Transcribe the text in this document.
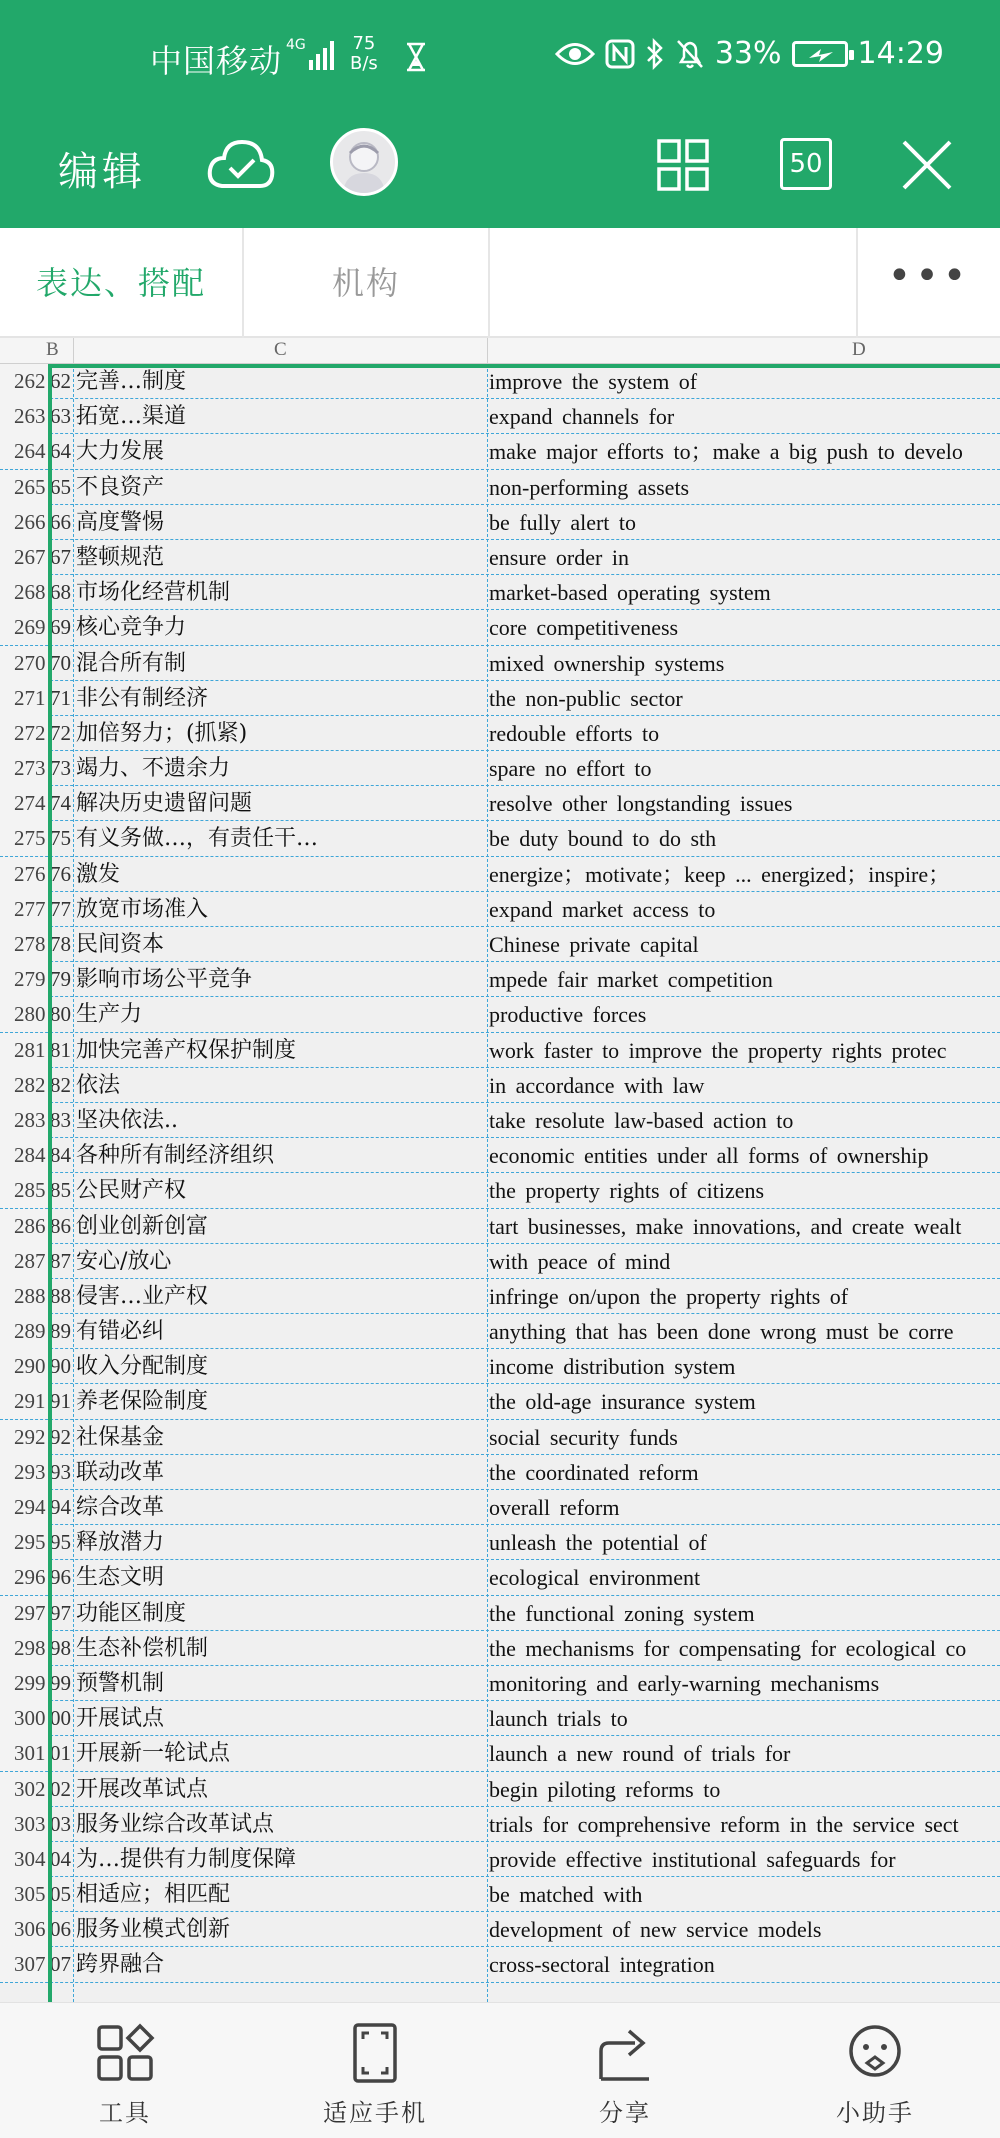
中国移动 4G	75
B/s	33%	14:29
编辑	50
表达、搭配	机构	•••
B	C	D
262 62 完善…制度	improve the system of
263 63 拓宽…渠道	expand channels for
264 64 大力发展	make major efforts to；make a big push to develo
265 65 不良资产	non-performing assets
266 66 高度警惕	be fully alert to
267 67 整顿规范	ensure order in
268 68 市场化经营机制	market-based operating system
269 69 核心竞争力	core competitiveness
270 70 混合所有制	mixed ownership systems
271 71 非公有制经济	the non-public sector
272 72 加倍努力；(抓紧)	redouble efforts to
273 73 竭力、不遗余力	spare no effort to
274 74 解决历史遗留问题	resolve other longstanding issues
275 75 有义务做…，有责任干…	be duty bound to do sth
276 76 激发	energize；motivate；keep ... energized；inspire；
277 77 放宽市场准入	expand market access to
278 78 民间资本	Chinese private capital
279 79 影响市场公平竞争	mpede fair market competition
280 80 生产力	productive forces
281 81 加快完善产权保护制度	work faster to improve the property rights protec
282 82 依法	in accordance with law
283 83 坚决依法..	take resolute law-based action to
284 84 各种所有制经济组织	economic entities under all forms of ownership
285 85 公民财产权	the property rights of citizens
286 86 创业创新创富	tart businesses, make innovations, and create wealt
287 87 安心/放心	with peace of mind
288 88 侵害…业产权	infringe on/upon the property rights of
289 89 有错必纠	anything that has been done wrong must be corre
290 90 收入分配制度	income distribution system
291 91 养老保险制度	the old-age insurance system
292 92 社保基金	social security funds
293 93 联动改革	the coordinated reform
294 94 综合改革	overall reform
295 95 释放潜力	unleash the potential of
296 96 生态文明	ecological environment
297 97 功能区制度	the functional zoning system
298 98 生态补偿机制	the mechanisms for compensating for ecological co
299 99 预警机制	monitoring and early-warning mechanisms
300 00 开展试点	launch trials to
301 01 开展新一轮试点	launch a new round of trials for
302 02 开展改革试点	begin piloting reforms to
303 03 服务业综合改革试点	trials for comprehensive reform in the service sect
304 04 为…提供有力制度保障	provide effective institutional safeguards for
305 05 相适应；相匹配	be matched with
306 06 服务业模式创新	development of new service models
307 07 跨界融合	cross-sectoral integration
工具	适应手机	分享	小助手
